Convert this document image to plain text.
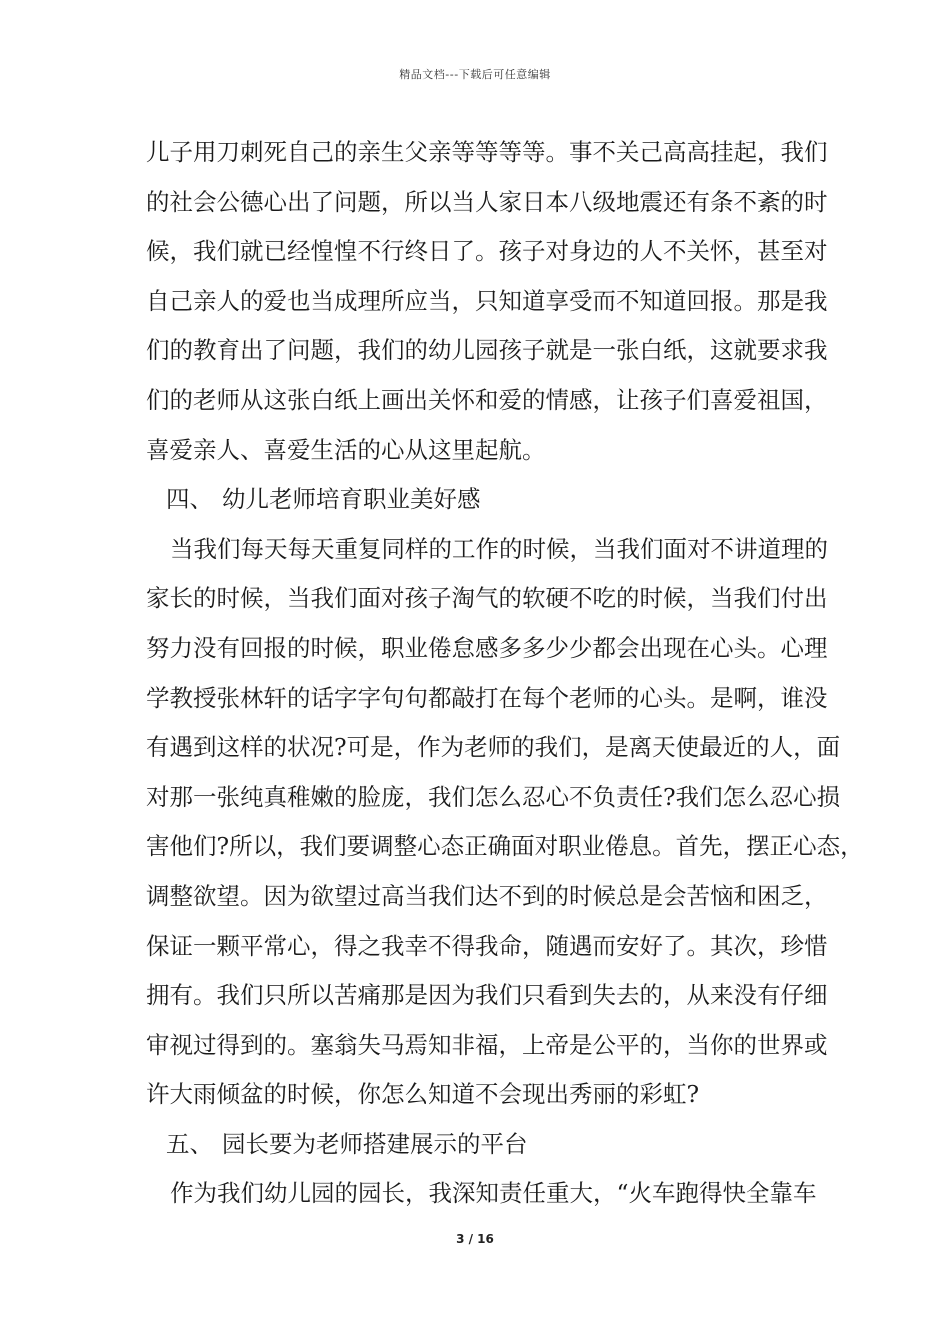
精品文档---下载后可任意编辑
儿子用刀刺死自己的亲生父亲等等等等。事不关己高高挂起，我们
的社会公德心出了问题，所以当人家日本八级地震还有条不紊的时
候，我们就已经惶惶不行终日了。孩子对身边的人不关怀，甚至对
自己亲人的爱也当成理所应当，只知道享受而不知道回报。那是我
们的教育出了问题，我们的幼儿园孩子就是一张白纸，这就要求我
们的老师从这张白纸上画出关怀和爱的情感，让孩子们喜爱祖国，
喜爱亲人、喜爱生活的心从这里起航。
四、 幼儿老师培育职业美好感
当我们每天每天重复同样的工作的时候，当我们面对不讲道理的
家长的时候，当我们面对孩子淘气的软硬不吃的时候，当我们付出
努力没有回报的时候，职业倦怠感多多少少都会出现在心头。心理
学教授张林轩的话字字句句都敲打在每个老师的心头。是啊，谁没
有遇到这样的状况?可是，作为老师的我们，是离天使最近的人，面
对那一张纯真稚嫩的脸庞，我们怎么忍心不负责任?我们怎么忍心损
害他们?所以，我们要调整心态正确面对职业倦息。首先，摆正心态，
调整欲望。因为欲望过高当我们达不到的时候总是会苦恼和困乏，
保证一颗平常心，得之我幸不得我命，随遇而安好了。其次，珍惜
拥有。我们只所以苦痛那是因为我们只看到失去的，从来没有仔细
审视过得到的。塞翁失马焉知非福，上帝是公平的，当你的世界或
许大雨倾盆的时候，你怎么知道不会现出秀丽的彩虹?
五、 园长要为老师搭建展示的平台
作为我们幼儿园的园长，我深知责任重大，“火车跑得快全靠车
3 / 16
